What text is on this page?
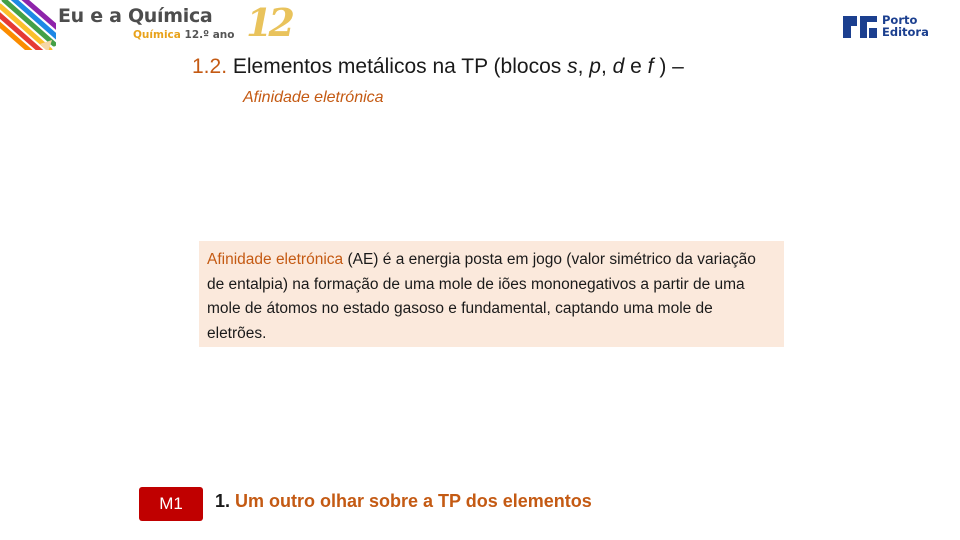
Eu e a Química
Química 12.º ano 12	Porto
Editora
1.2. Elementos metálicos na TP (blocos s, p, d e f ) –
Afinidade eletrónica
Afinidade eletrónica (AE) é a energia posta em jogo (valor simétrico da variação de entalpia) na formação de uma mole de iões mononegativos a partir de uma mole de átomos no estado gasoso e fundamental, captando uma mole de eletrões.
M1	1. Um outro olhar sobre a TP dos elementos
